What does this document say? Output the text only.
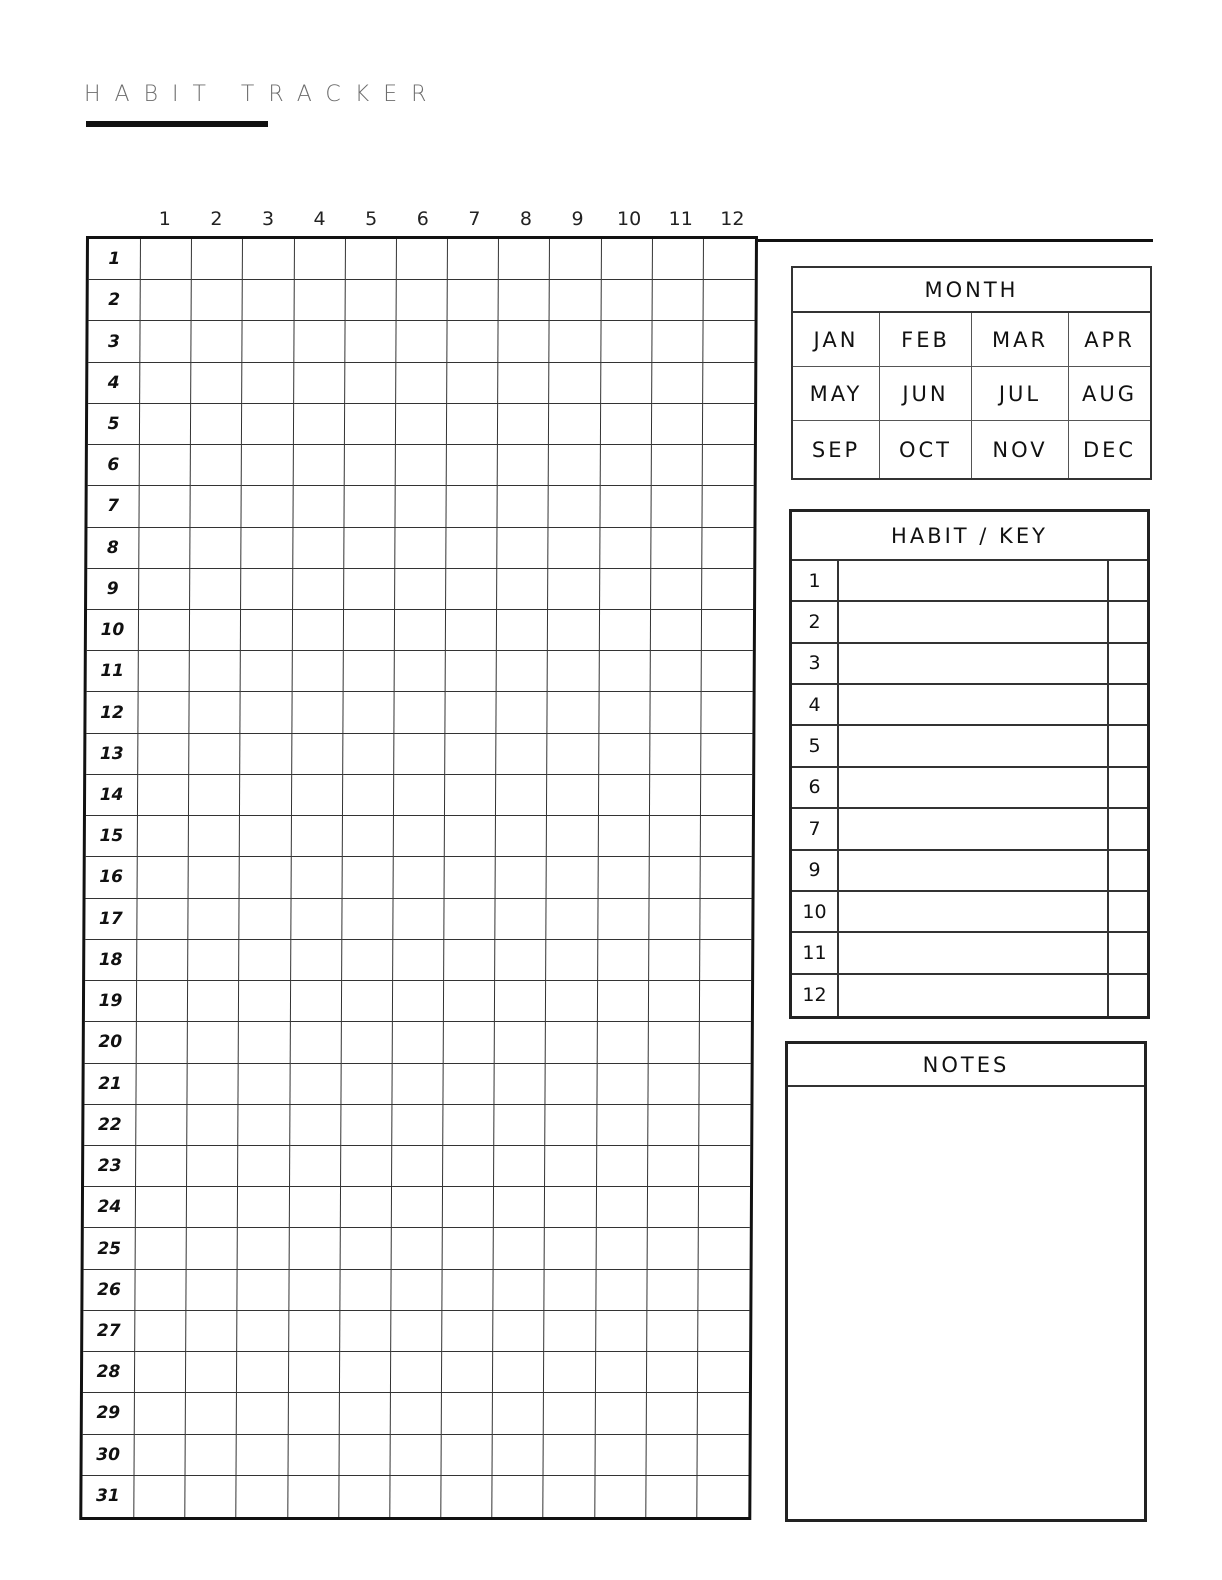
HABIT TRACKER
1	2	3	4	5	6	7	8	9	10	11	12
1
2
3
4
5
6
7
8
9
10
11
12
13
14
15
16
17
18
19
20
21
22
23
24
25
26
27
28
29
30
31
MONTH
JAN	FEB	MAR	APR
MAY	JUN	JUL	AUG
SEP	OCT	NOV	DEC
HABIT / KEY
1
2
3
4
5
6
7
9
10
11
12
NOTES
